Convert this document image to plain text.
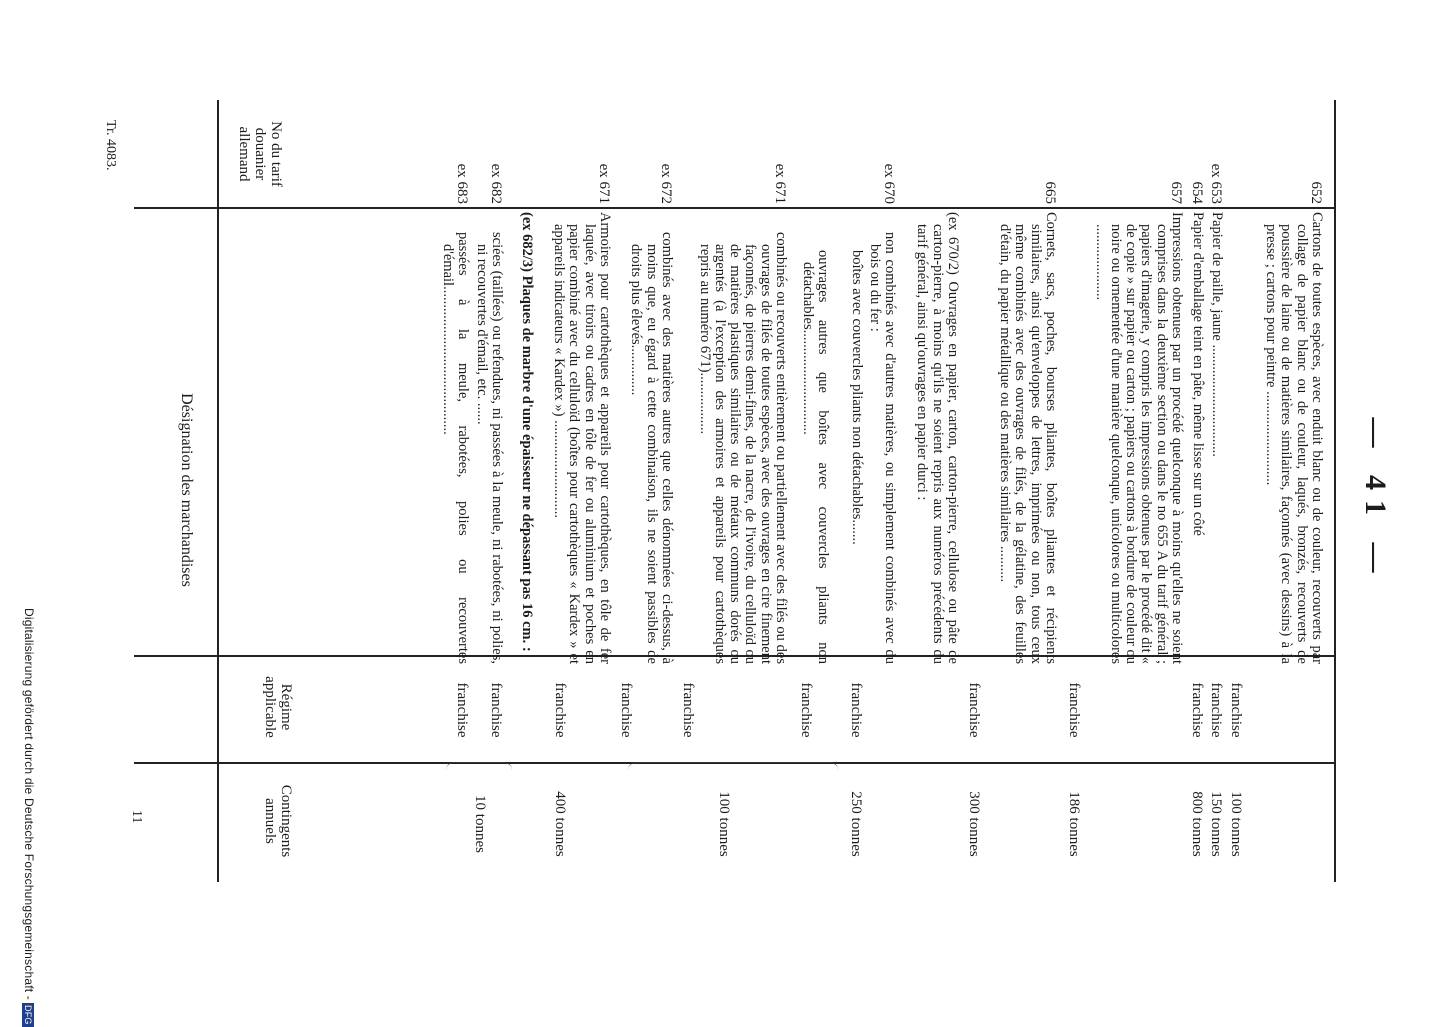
— 41 —
No du tarif douanier allemand
Désignation des marchandises
Régime applicable
Contingents annuels
652
Cartons de toutes espèces, avec enduit blanc ou de couleur, recouverts par collage de papier blanc ou de couleur, laqués, bronzés, recouverts de poussière de laine ou de matières similaires, façonnés (avec dessins) à la presse ; cartons pour peintre ..........................
franchise
100 tonnes
ex 653
Papier de paille, jaune ...............................
franchise
150 tonnes
654
Papier d'emballage teint en pâte, même lisse sur un côté
franchise
800 tonnes
657
Impressions obtenues par un procédé quelconque à moins qu'elles ne soient comprises dans la deuxième section ou dans le no 655 A du tarif général ; papiers d'imagerie, y compris les impressions obtenues par le procédé dit « de copie » sur papier ou carton ; papiers ou cartons à bordure de couleur ou noire ou ornementée d'une manière quelconque, unicolores ou multicolores .....................
franchise
186 tonnes
665
Cornets, sacs, poches, bourses pliantes, boîtes pliantes et récipients similaires, ainsi qu'enveloppes de lettres, imprimées ou non, tous ceux même combinés avec des ouvrages de filés, de la gélatine, des feuilles d'étain, du papier métallique ou des matières similaires ..........
franchise
300 tonnes
(ex 670/2) Ouvrages en papier, carton, carton-pierre, cellulose ou pâte de carton-pierre, à moins qu'ils ne soient repris aux numéros précédents du tarif général, ainsi qu'ouvrages en papier durci :
ex 670
non combinés avec d'autres matières, ou simplement combinés avec du bois ou du fer :
boîtes avec couvercles pliants non détachables.......
franchise
250 tonnes
ouvrages autres que boîtes avec couvercles pliants non détachables.............................
franchise
ex 671
combinés ou recouverts entièrement ou partiellement avec des filés ou des ouvrages de filés de toutes espèces, avec des ouvrages en cire finement façonnés, de pierres demi-fines, de la nacre, de l'ivoire, du celluloïd ou de matières plastiques similaires ou de métaux communs dorés ou argentés (à l'exception des armoires et appareils pour cartothèques repris au numéro 671).................
franchise
100 tonnes
ex 672
combinés avec des matières autres que celles dénommées ci-dessus, à moins que, eu égard à cette combinaison, ils ne soient passibles de droits plus élevés..............
franchise
ex 671
Armoires pour cartothèques et appareils pour cartothèques, en tôle de fer laquée, avec tiroirs ou cadres en tôle de fer ou aluminium et poches en papier combiné avec du celluloïd (boîtes pour cartothèques « Kardex » et appareils indicateurs « Kardex ») ...........................
franchise
400 tonnes
(ex 682/3) Plaques de marbre d'une épaisseur ne dépassant pas 16 cm. :
ex 682
sciées (taillées) ou refendues, ni passées à la meule, ni rabotées, ni polies, ni recouvertes d'émail, etc. ......
franchise
10 tonnes
ex 683
passées à la meule, rabotées, polies ou recouvertes d'émail.........................................
franchise
Tr. 4083.
11
Digitalisierung gefördert durch die Deutsche Forschungsgemeinschaft -DFG
